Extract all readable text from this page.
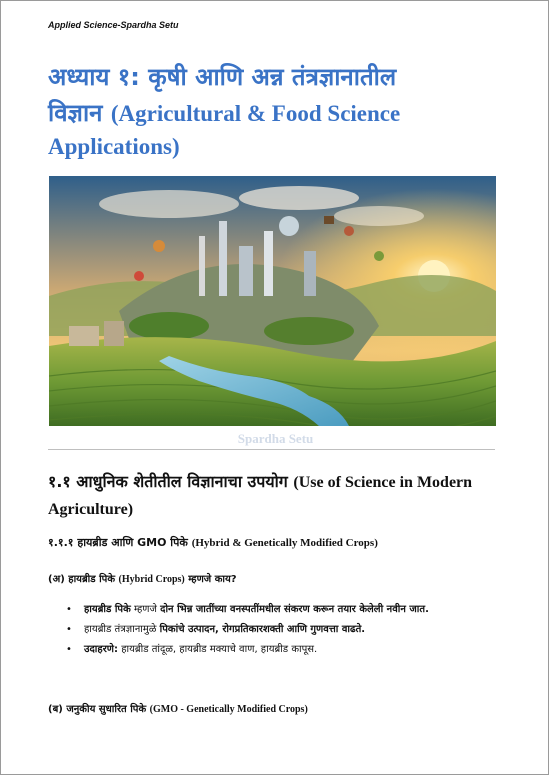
Applied Science-Spardha Setu
अध्याय १: कृषी आणि अन्न तंत्रज्ञानातील
विज्ञान (Agricultural & Food Science
Applications)
Spardha Setu
१.१ आधुनिक शेतीतील विज्ञानाचा उपयोग (Use of Science in Modern Agriculture)
१.१.१ हायब्रीड आणि GMO पिके (Hybrid & Genetically Modified Crops)
(अ) हायब्रीड पिके (Hybrid Crops) म्हणजे काय?
• हायब्रीड पिके म्हणजे दोन भिन्न जातींच्या वनस्पतींमधील संकरण करून तयार केलेली नवीन जात.
• हायब्रीड तंत्रज्ञानामुळे पिकांचे उत्पादन, रोगप्रतिकारशक्ती आणि गुणवत्ता वाढते.
• उदाहरणे: हायब्रीड तांदूळ, हायब्रीड मक्याचे वाण, हायब्रीड कापूस.
(ब) जनुकीय सुधारित पिके (GMO - Genetically Modified Crops)
